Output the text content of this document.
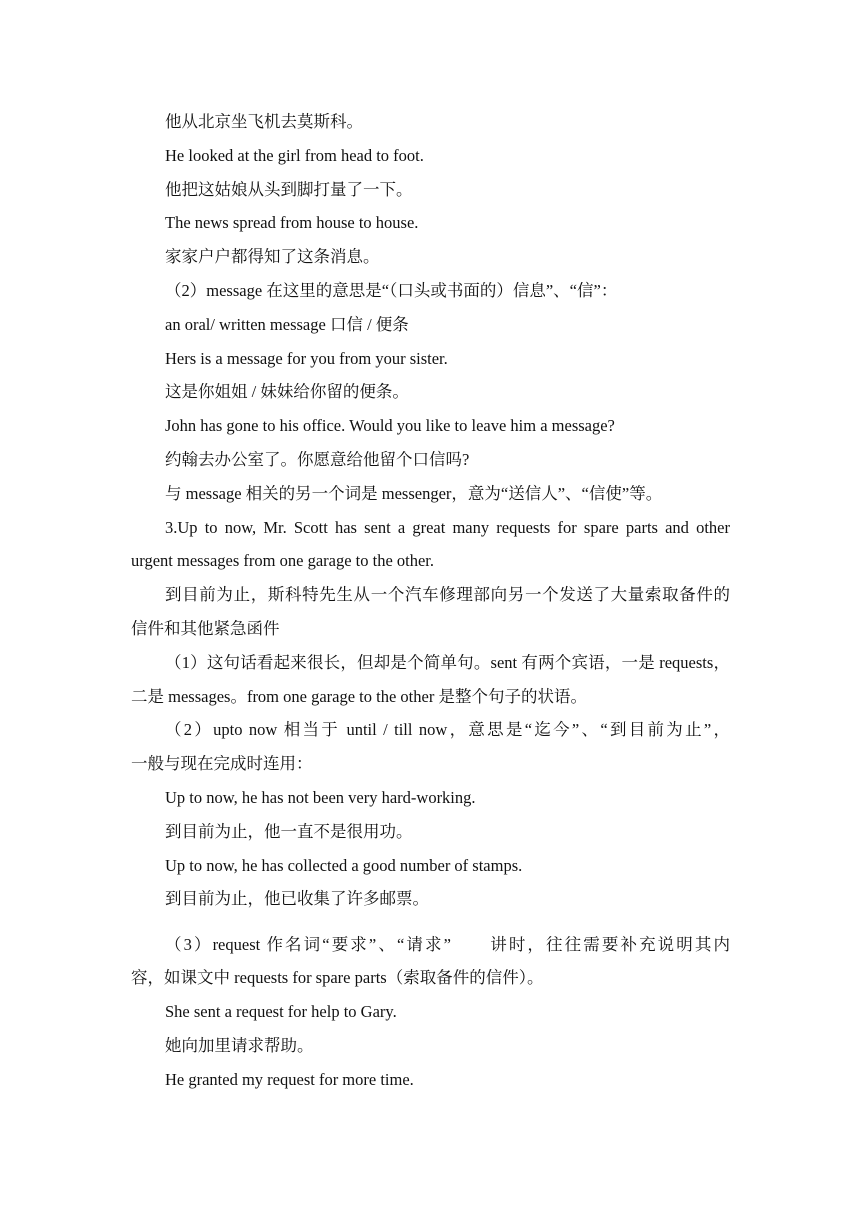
他从北京坐飞机去莫斯科。
He looked at the girl from head to foot.
他把这姑娘从头到脚打量了一下。
The news spread from house to house.
家家户户都得知了这条消息。
（2）message 在这里的意思是“（口头或书面的）信息”、“信”：
an oral/ written message 口信 / 便条
Hers is a message for you from your sister.
这是你姐姐 / 妹妹给你留的便条。
John has gone to his office. Would you like to leave him a message?
约翰去办公室了。你愿意给他留个口信吗?
与 message 相关的另一个词是 messenger，意为“送信人”、“信使”等。
3.Up to now, Mr. Scott has sent a great many requests for spare parts and other
urgent messages from one garage to the other.
到目前为止，斯科特先生从一个汽车修理部向另一个发送了大量索取备件的
信件和其他紧急函件
（1）这句话看起来很长，但却是个简单句。sent 有两个宾语，一是 requests，
二是 messages。from one garage to the other 是整个句子的状语。
（2）upto now 相当于 until / till now，意思是“迄今”、“到目前为止”，
一般与现在完成时连用：
Up to now, he has not been very hard-working.
到目前为止，他一直不是很用功。
Up to now, he has collected a good number of stamps.
到目前为止，他已收集了许多邮票。
（3）request 作名词“要求”、“请求”　　讲时，往往需要补充说明其内
容，如课文中 requests for spare parts（索取备件的信件）。
She sent a request for help to Gary.
她向加里请求帮助。
He granted my request for more time.
